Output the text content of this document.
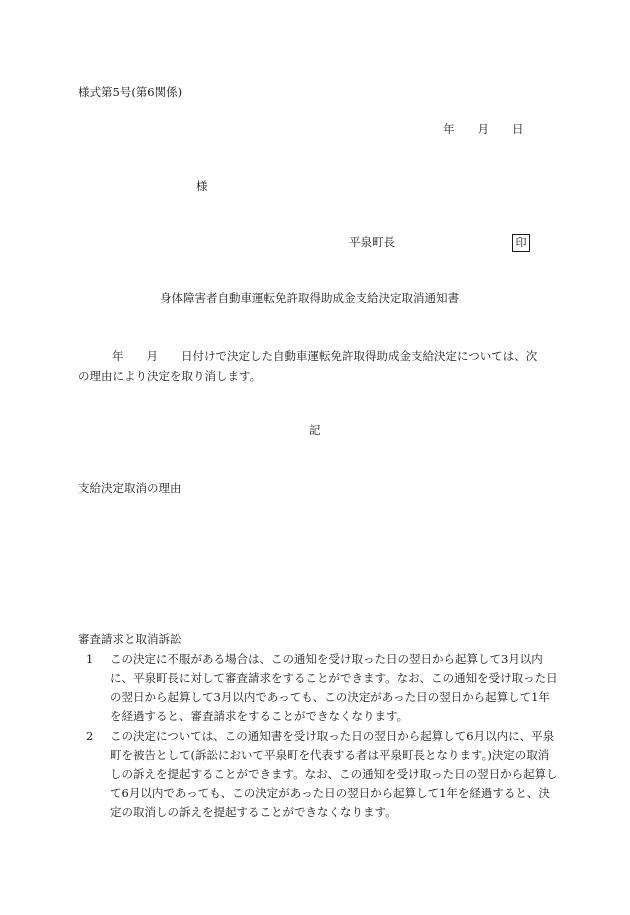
様式第5号(第6関係)
年　　月　　日
様
平泉町長	印
身体障害者自動車運転免許取得助成金支給決定取消通知書
年　　月　　日付けで決定した自動車運転免許取得助成金支給決定については、次
の理由により決定を取り消します。
記
支給決定取消の理由
審査請求と取消訴訟
1	この決定に不服がある場合は、この通知を受け取った日の翌日から起算して3月以内に、平泉町長に対して審査請求をすることができます。なお、この通知を受け取った日の翌日から起算して3月以内であっても、この決定があった日の翌日から起算して1年を経過すると、審査請求をすることができなくなります。
2	この決定については、この通知書を受け取った日の翌日から起算して6月以内に、平泉町を被告として(訴訟において平泉町を代表する者は平泉町長となります。)決定の取消しの訴えを提起することができます。なお、この通知を受け取った日の翌日から起算して6月以内であっても、この決定があった日の翌日から起算して1年を経過すると、決定の取消しの訴えを提起することができなくなります。
